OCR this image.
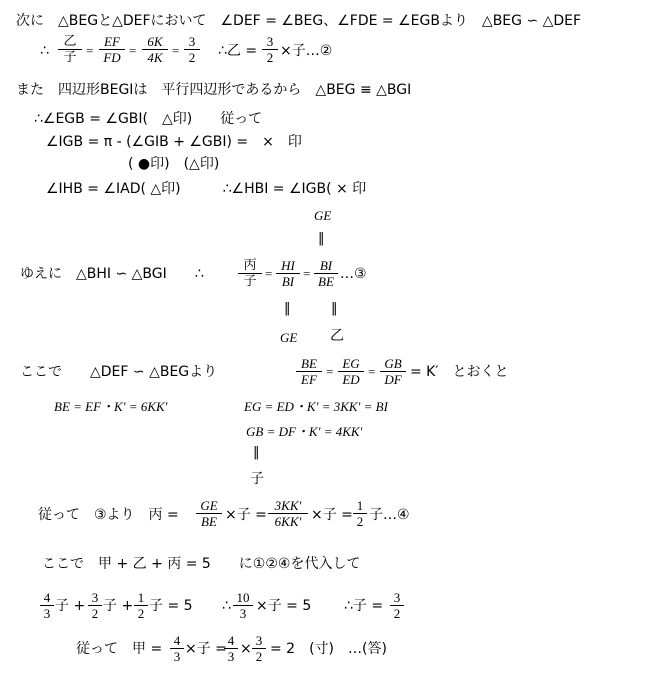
次に　△BEGと△DEFにおいて　∠DEF = ∠BEG、∠FDE = ∠EGBより　△BEG ∽ △DEF
∴
乙
子 = $\frac{EF}{FD} = \frac{6K}{4K} = \frac{3}{2}$ ∴乙 = $\frac{3}{2}$ ×子…②
また　四辺形BEGIは　平行四辺形であるから　△BEG ≡ △BGI
∴∠EGB = ∠GBI(　△印)　　従って
∠IGB = π - (∠GIB + ∠GBI) =　×　印
( ●印)　(△印)
∠IHB = ∠IAD( △印)　　　∴∠HBI = ∠IGB( × 印
GE
‖
ゆえに　△BHI ∽ △BGI　　∴
丙
子
= $\frac{HI}{BI} = \frac{BI}{BE}$ …③
‖	‖
GE 乙
ここで　　△DEF ∽ △BEGより	$\frac{BE}{EF} = \frac{EG}{ED} = \frac{GB}{DF} = K'$　とおくと
BE = EF・K′ = 6KK′	EG = ED・K′ = 3KK′ = BI
GB = DF・K′ = 4KK′
‖
子
従って　③より　丙 = $\frac{GE}{BE}$ ×子 = $\frac{3KK'}{6KK'}$ ×子 = $\frac{1}{2}$ 子…④
ここで　甲 + 乙 + 丙 = 5　　に①②④を代入して
$\frac{4}{3}$ 子 + $\frac{3}{2}$ 子 + $\frac{1}{2}$ 子 = 5 ∴ $\frac{10}{3}$ ×子 = 5 ∴子 = $\frac{3}{2}$
従って　甲 = $\frac{4}{3}$ ×子 =
$\frac{4}{3} \times \frac{3}{2} = 2$　(寸)　…(答)
